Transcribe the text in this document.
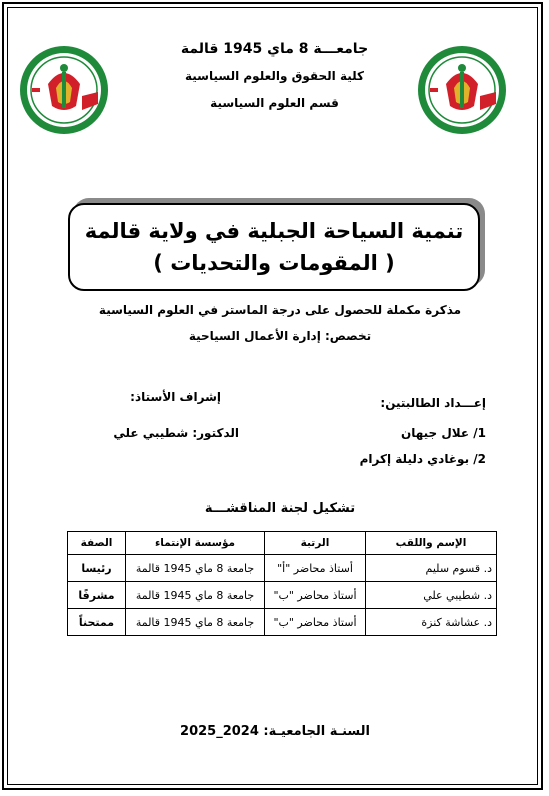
جامعـــة 8 ماي 1945 قالمة
كلية الحقوق والعلوم السياسية
قسم العلوم السياسية
تنمية السياحة الجبلية في ولاية قالمة
( المقومات والتحديات )
مذكرة مكملة للحصول على درجة الماستر في العلوم السياسية
تخصص: إدارة الأعمال السياحية
إعـــداد الطالبتين:
1/ علال جيهان
2/ بوغادي دليلة إكرام
إشراف الأستاذ:
الدكتور: شطيبي علي
تشكيل لجنة المناقشـــة
الإسم واللقب	الرتبة	مؤسسة الإنتماء	الصفة
د. قسوم سليم	أستاذ محاضر "أ"	جامعة 8 ماي 1945 قالمة	رئيسا
د. شطيبي علي	أستاذ محاضر "ب"	جامعة 8 ماي 1945 قالمة	مشرفًا
د. عشاشة كنزة	أستاذ محاضر "ب"	جامعة 8 ماي 1945 قالمة	ممتحناً
السنـة الجامعيـة: 2024_2025
